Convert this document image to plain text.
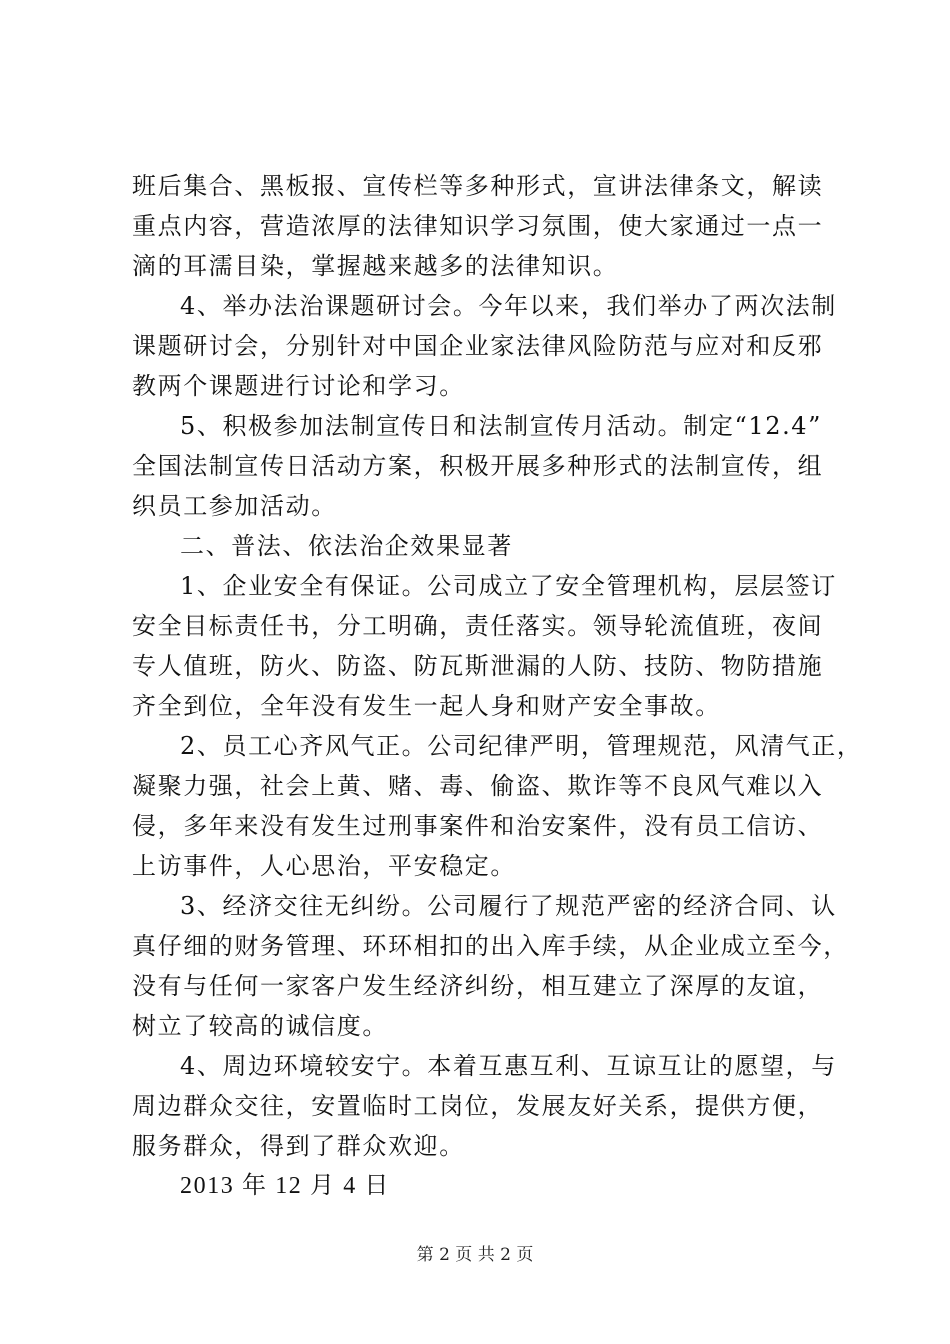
班后集合、黑板报、宣传栏等多种形式，宣讲法律条文，解读
重点内容，营造浓厚的法律知识学习氛围，使大家通过一点一
滴的耳濡目染，掌握越来越多的法律知识。
4、举办法治课题研讨会。今年以来，我们举办了两次法制
课题研讨会，分别针对中国企业家法律风险防范与应对和反邪
教两个课题进行讨论和学习。
5、积极参加法制宣传日和法制宣传月活动。制定“12.4”
全国法制宣传日活动方案，积极开展多种形式的法制宣传，组
织员工参加活动。
二、普法、依法治企效果显著
1、企业安全有保证。公司成立了安全管理机构，层层签订
安全目标责任书，分工明确，责任落实。领导轮流值班，夜间
专人值班，防火、防盗、防瓦斯泄漏的人防、技防、物防措施
齐全到位，全年没有发生一起人身和财产安全事故。
2、员工心齐风气正。公司纪律严明，管理规范，风清气正，
凝聚力强，社会上黄、赌、毒、偷盗、欺诈等不良风气难以入
侵，多年来没有发生过刑事案件和治安案件，没有员工信访、
上访事件，人心思治，平安稳定。
3、经济交往无纠纷。公司履行了规范严密的经济合同、认
真仔细的财务管理、环环相扣的出入库手续，从企业成立至今，
没有与任何一家客户发生经济纠纷，相互建立了深厚的友谊，
树立了较高的诚信度。
4、周边环境较安宁。本着互惠互利、互谅互让的愿望，与
周边群众交往，安置临时工岗位，发展友好关系，提供方便，
服务群众，得到了群众欢迎。
2013 年 12 月 4 日
第 2 页 共 2 页
